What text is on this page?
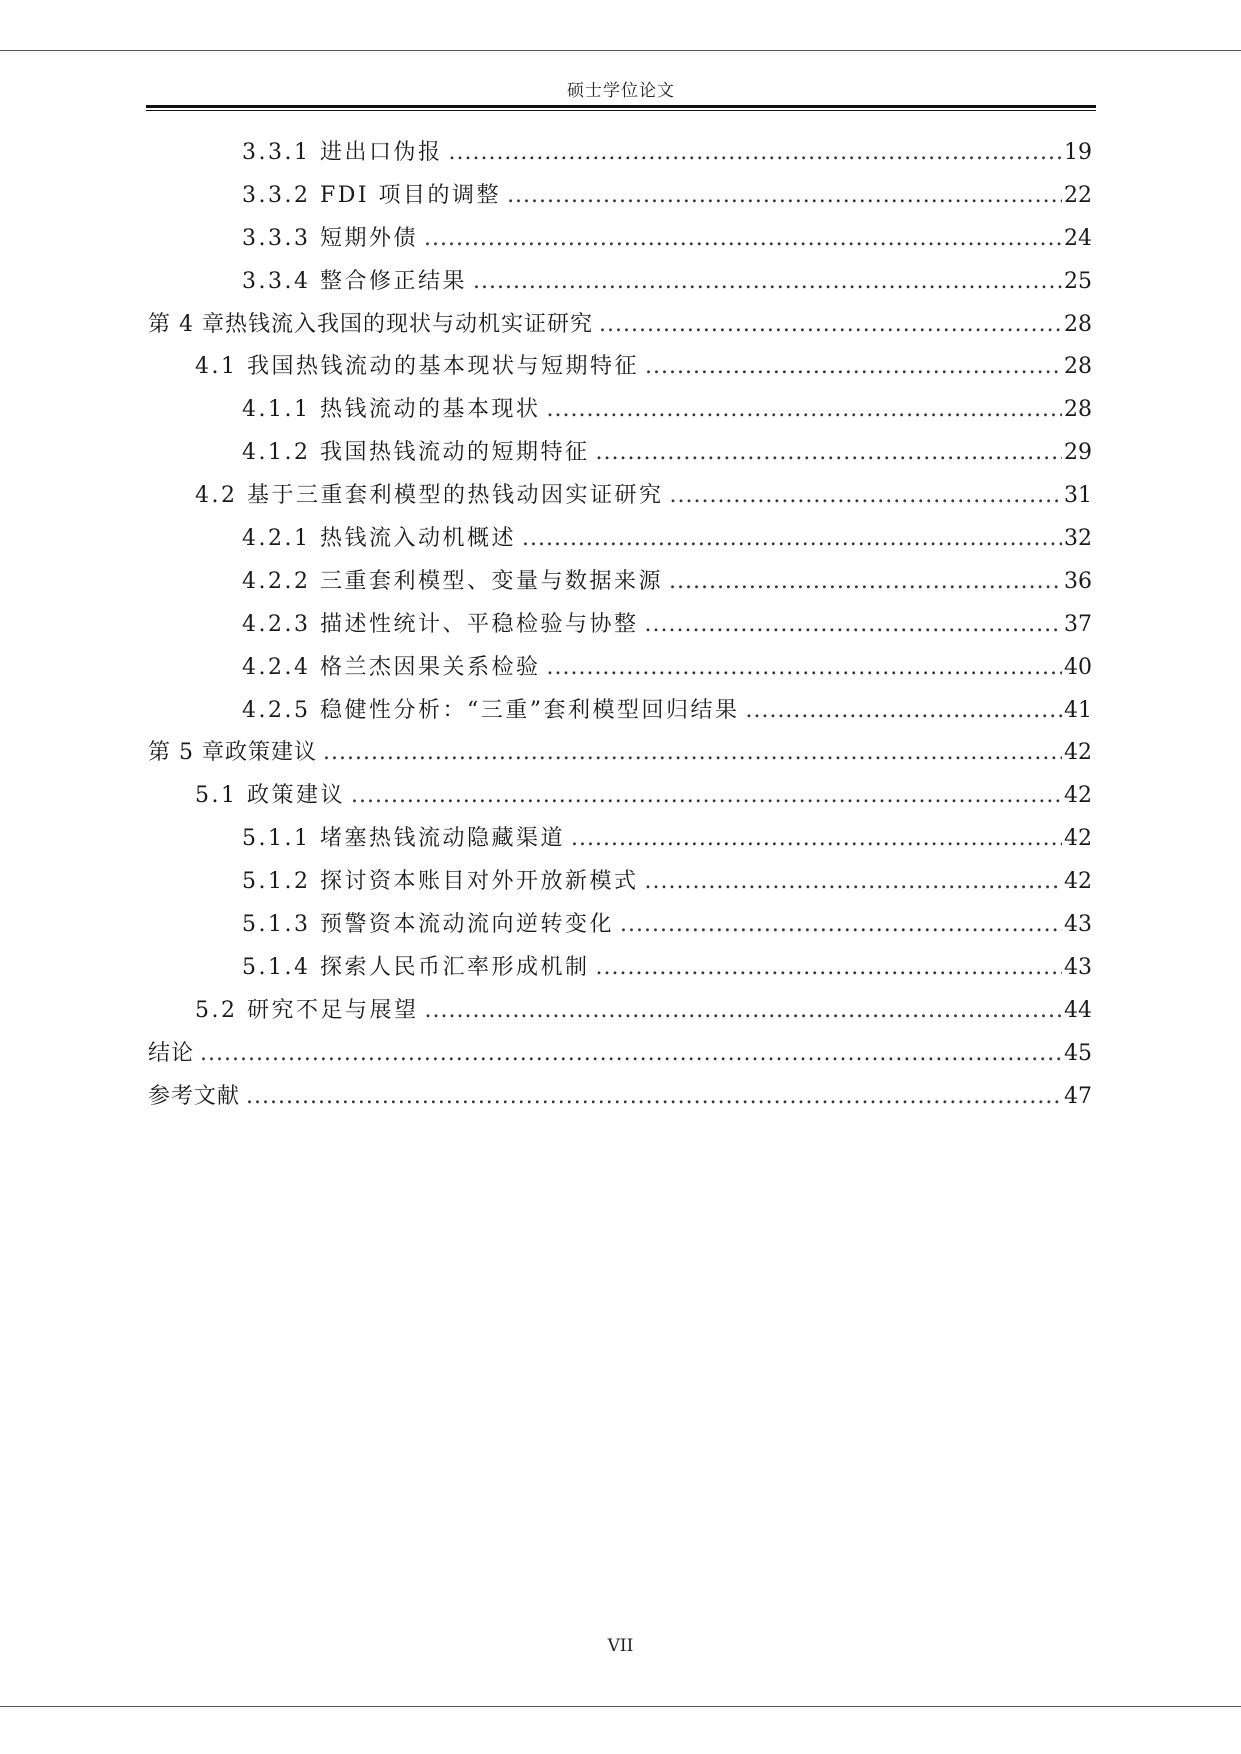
硕士学位论文
3.3.1 进出口伪报 .....	19
3.3.2 FDI 项目的调整 .....	22
3.3.3 短期外债 .....	24
3.3.4 整合修正结果 .....	25
第 4 章热钱流入我国的现状与动机实证研究 .....	28
4.1 我国热钱流动的基本现状与短期特征 .....	28
4.1.1 热钱流动的基本现状 .....	28
4.1.2 我国热钱流动的短期特征 .....	29
4.2 基于三重套利模型的热钱动因实证研究 .....	31
4.2.1 热钱流入动机概述 .....	32
4.2.2 三重套利模型、变量与数据来源 .....	36
4.2.3 描述性统计、平稳检验与协整 .....	37
4.2.4 格兰杰因果关系检验 .....	40
4.2.5 稳健性分析：“三重”套利模型回归结果 .....	41
第 5 章政策建议 .....	42
5.1 政策建议 .....	42
5.1.1 堵塞热钱流动隐藏渠道 .....	42
5.1.2 探讨资本账目对外开放新模式 .....	42
5.1.3 预警资本流动流向逆转变化 .....	43
5.1.4 探索人民币汇率形成机制 .....	43
5.2 研究不足与展望 .....	44
结论 .....	45
参考文献 .....	47
VII
